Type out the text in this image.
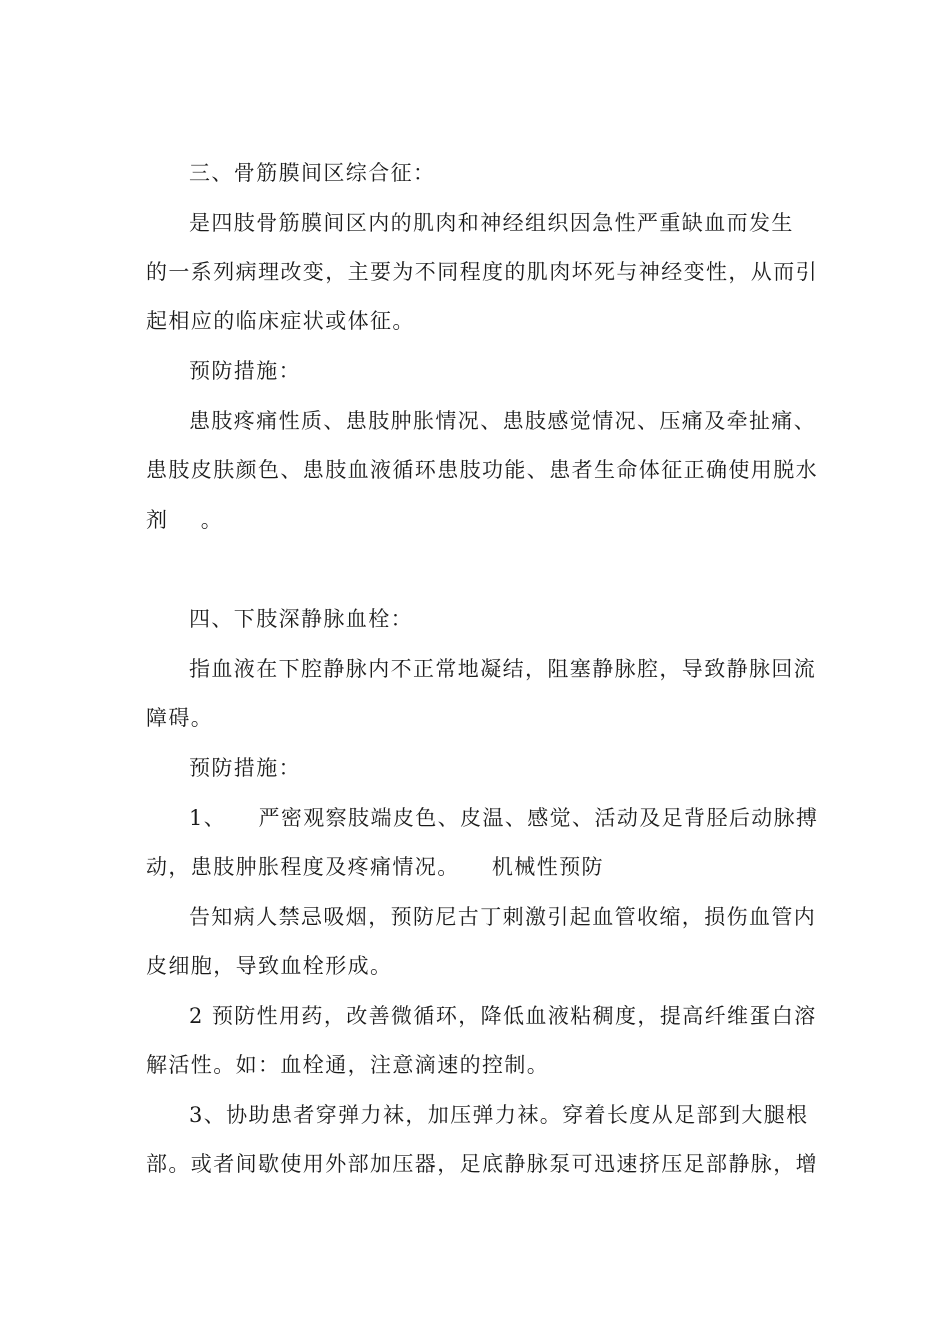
三、骨筋膜间区综合征：
是四肢骨筋膜间区内的肌肉和神经组织因急性严重缺血而发生
的一系列病理改变，主要为不同程度的肌肉坏死与神经变性，从而引
起相应的临床症状或体征。
预防措施：
患肢疼痛性质、患肢肿胀情况、患肢感觉情况、压痛及牵扯痛、
患肢皮肤颜色、患肢血液循环患肢功能、患者生命体征正确使用脱水
剂    。
四、下肢深静脉血栓：
指血液在下腔静脉内不正常地凝结，阻塞静脉腔，导致静脉回流
障碍。
预防措施：
1、    严密观察肢端皮色、皮温、感觉、活动及足背胫后动脉搏
动，患肢肿胀程度及疼痛情况。    机械性预防
告知病人禁忌吸烟，预防尼古丁刺激引起血管收缩，损伤血管内
皮细胞，导致血栓形成。
2 预防性用药，改善微循环，降低血液粘稠度，提高纤维蛋白溶
解活性。如：血栓通，注意滴速的控制。
3、协助患者穿弹力袜，加压弹力袜。穿着长度从足部到大腿根
部。或者间歇使用外部加压器，足底静脉泵可迅速挤压足部静脉，增
